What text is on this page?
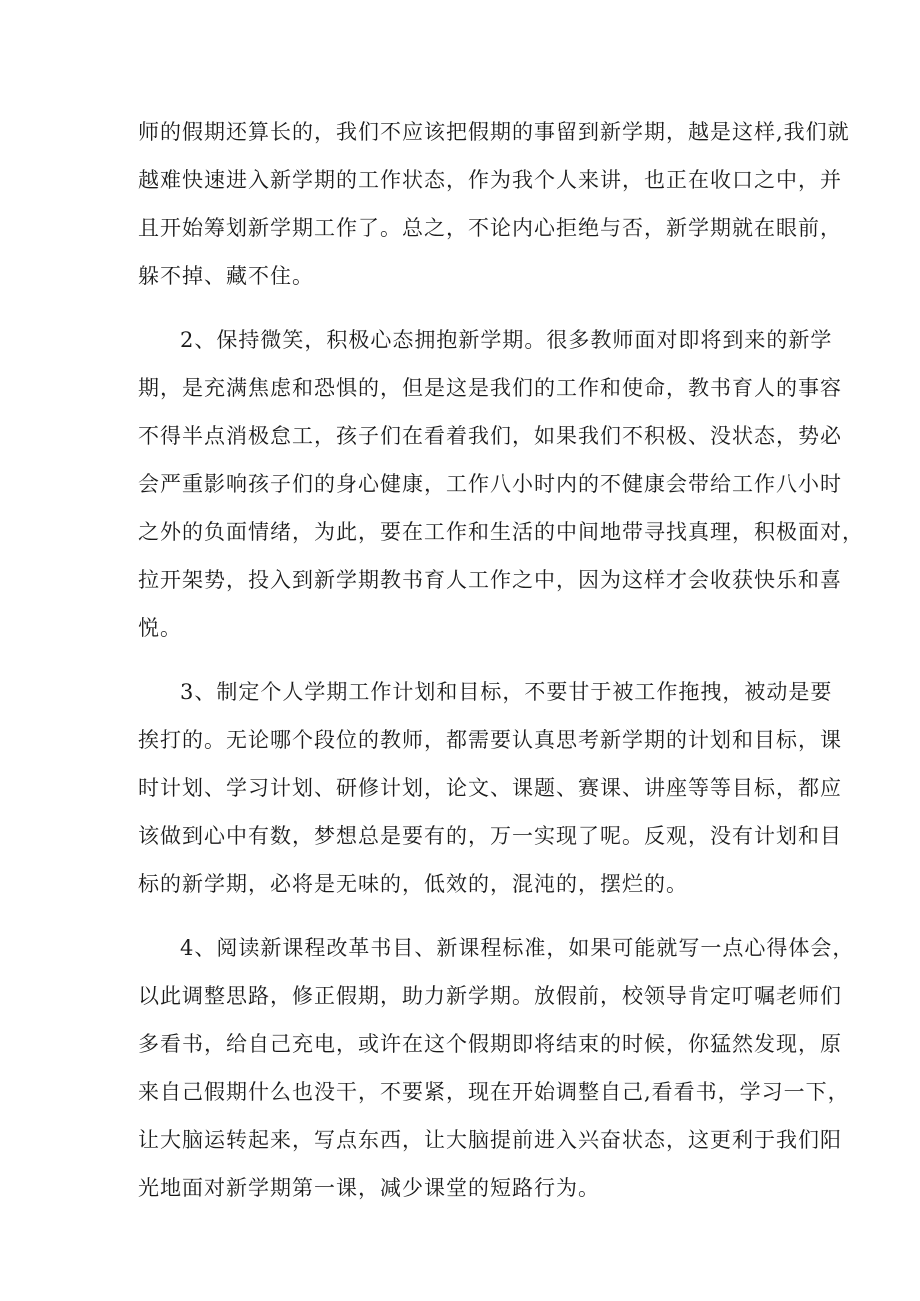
师的假期还算长的，我们不应该把假期的事留到新学期，越是这样,我们就
越难快速进入新学期的工作状态，作为我个人来讲，也正在收口之中，并
且开始筹划新学期工作了。总之，不论内心拒绝与否，新学期就在眼前，
躲不掉、藏不住。
2、保持微笑，积极心态拥抱新学期。很多教师面对即将到来的新学
期，是充满焦虑和恐惧的，但是这是我们的工作和使命，教书育人的事容
不得半点消极怠工，孩子们在看着我们，如果我们不积极、没状态，势必
会严重影响孩子们的身心健康，工作八小时内的不健康会带给工作八小时
之外的负面情绪，为此，要在工作和生活的中间地带寻找真理，积极面对，
拉开架势，投入到新学期教书育人工作之中，因为这样才会收获快乐和喜
悦。
3、制定个人学期工作计划和目标，不要甘于被工作拖拽，被动是要
挨打的。无论哪个段位的教师，都需要认真思考新学期的计划和目标，课
时计划、学习计划、研修计划，论文、课题、赛课、讲座等等目标，都应
该做到心中有数，梦想总是要有的，万一实现了呢。反观，没有计划和目
标的新学期，必将是无味的，低效的，混沌的，摆烂的。
4、阅读新课程改革书目、新课程标准，如果可能就写一点心得体会，
以此调整思路，修正假期，助力新学期。放假前，校领导肯定叮嘱老师们
多看书，给自己充电，或许在这个假期即将结束的时候，你猛然发现，原
来自己假期什么也没干，不要紧，现在开始调整自己,看看书，学习一下，
让大脑运转起来，写点东西，让大脑提前进入兴奋状态，这更利于我们阳
光地面对新学期第一课，减少课堂的短路行为。
